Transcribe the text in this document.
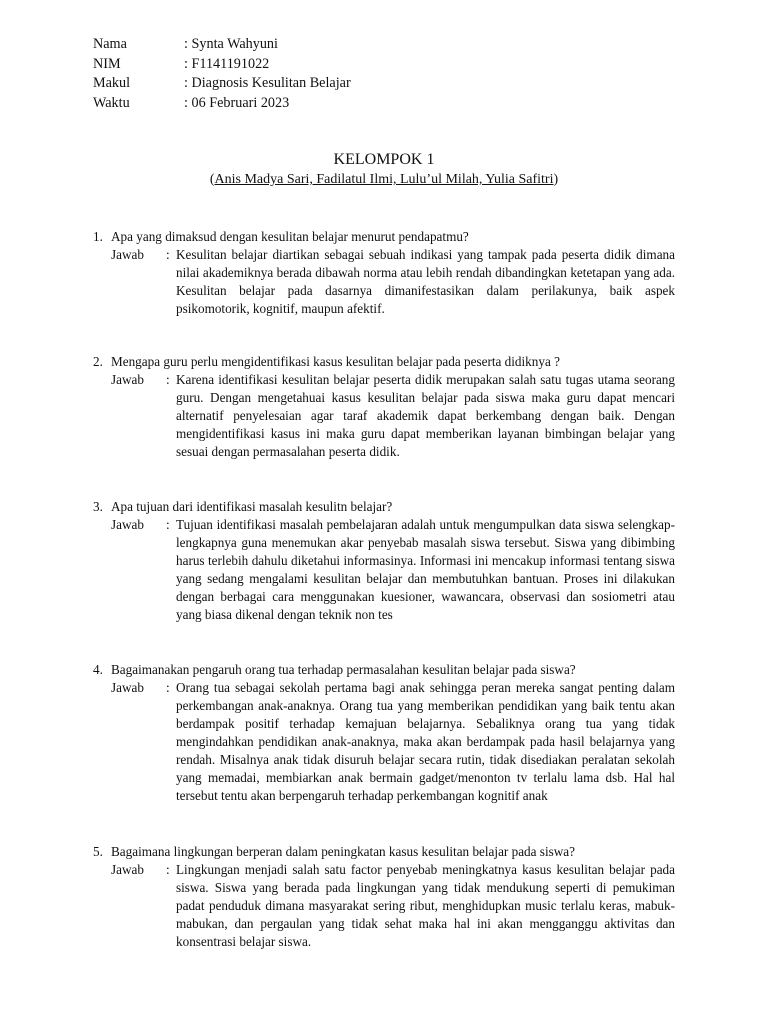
Nama	: Synta Wahyuni
NIM	: F1141191022
Makul	: Diagnosis Kesulitan Belajar
Waktu	: 06 Februari 2023
KELOMPOK 1
(Anis Madya Sari, Fadilatul Ilmi, Lulu’ul Milah, Yulia Safitri)
1. Apa yang dimaksud dengan kesulitan belajar menurut pendapatmu?
Jawab	: Kesulitan belajar diartikan sebagai sebuah indikasi yang tampak pada peserta didik dimana nilai akademiknya berada dibawah norma atau lebih rendah dibandingkan ketetapan yang ada. Kesulitan belajar pada dasarnya dimanifestasikan dalam perilakunya, baik aspek psikomotorik, kognitif, maupun afektif.
2. Mengapa guru perlu mengidentifikasi kasus kesulitan belajar pada peserta didiknya ?
Jawab	: Karena identifikasi kesulitan belajar peserta didik merupakan salah satu tugas utama seorang guru. Dengan mengetahuai kasus kesulitan belajar pada siswa maka guru dapat mencari alternatif penyelesaian agar taraf akademik dapat berkembang dengan baik. Dengan mengidentifikasi kasus ini maka guru dapat memberikan layanan bimbingan belajar yang sesuai dengan permasalahan peserta didik.
3. Apa tujuan dari identifikasi masalah kesulitn belajar?
Jawab	: Tujuan identifikasi masalah pembelajaran adalah untuk mengumpulkan data siswa selengkap-lengkapnya guna menemukan akar penyebab masalah siswa tersebut. Siswa yang dibimbing harus terlebih dahulu diketahui informasinya. Informasi ini mencakup informasi tentang siswa yang sedang mengalami kesulitan belajar dan membutuhkan bantuan. Proses ini dilakukan dengan berbagai cara menggunakan kuesioner, wawancara, observasi dan sosiometri atau yang biasa dikenal dengan teknik non tes
4. Bagaimanakan pengaruh orang tua terhadap permasalahan kesulitan belajar pada siswa?
Jawab	: Orang tua sebagai sekolah pertama bagi anak sehingga peran mereka sangat penting dalam perkembangan anak-anaknya. Orang tua yang memberikan pendidikan yang baik tentu akan berdampak positif terhadap kemajuan belajarnya. Sebaliknya orang tua yang tidak mengindahkan pendidikan anak-anaknya, maka akan berdampak pada hasil belajarnya yang rendah. Misalnya anak tidak disuruh belajar secara rutin, tidak disediakan peralatan sekolah yang memadai, membiarkan anak bermain gadget/menonton tv terlalu lama dsb. Hal hal tersebut tentu akan berpengaruh terhadap perkembangan kognitif anak
5. Bagaimana lingkungan berperan dalam peningkatan kasus kesulitan belajar pada siswa?
Jawab	: Lingkungan menjadi salah satu factor penyebab meningkatnya kasus kesulitan belajar pada siswa. Siswa yang berada pada lingkungan yang tidak mendukung seperti di pemukiman padat penduduk dimana masyarakat sering ribut, menghidupkan music terlalu keras, mabuk-mabukan, dan pergaulan yang tidak sehat maka hal ini akan mengganggu aktivitas dan konsentrasi belajar siswa.
